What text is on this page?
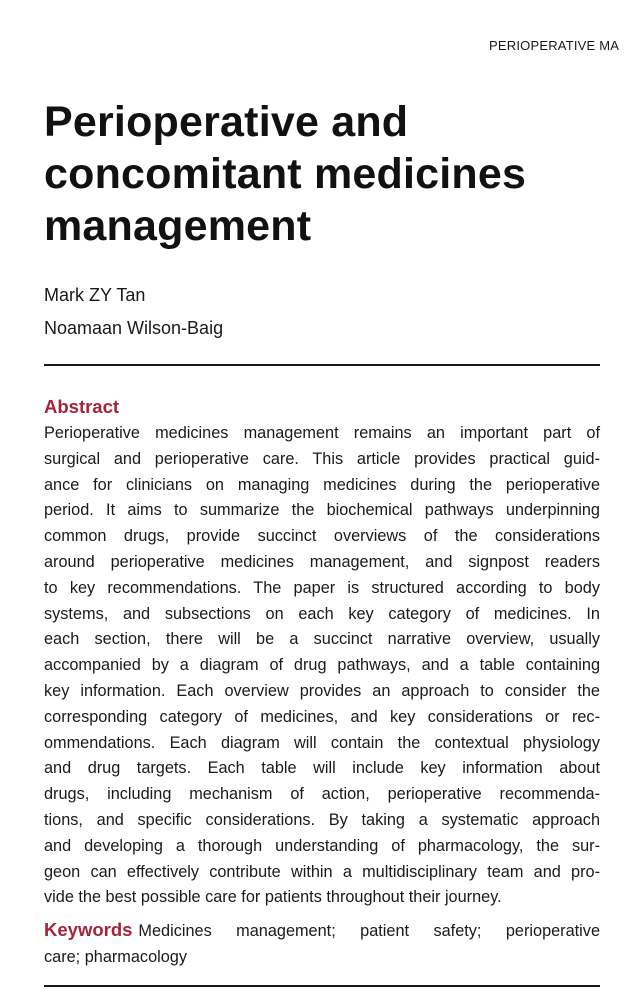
PERIOPERATIVE MA
Perioperative and concomitant medicines management
Mark ZY Tan
Noamaan Wilson-Baig
Abstract
Perioperative medicines management remains an important part of
surgical and perioperative care. This article provides practical guid-
ance for clinicians on managing medicines during the perioperative
period. It aims to summarize the biochemical pathways underpinning
common drugs, provide succinct overviews of the considerations
around perioperative medicines management, and signpost readers
to key recommendations. The paper is structured according to body
systems, and subsections on each key category of medicines. In
each section, there will be a succinct narrative overview, usually
accompanied by a diagram of drug pathways, and a table containing
key information. Each overview provides an approach to consider the
corresponding category of medicines, and key considerations or rec-
ommendations. Each diagram will contain the contextual physiology
and drug targets. Each table will include key information about
drugs, including mechanism of action, perioperative recommenda-
tions, and specific considerations. By taking a systematic approach
and developing a thorough understanding of pharmacology, the sur-
geon can effectively contribute within a multidisciplinary team and pro-
vide the best possible care for patients throughout their journey.
Keywords Medicines management; patient safety; perioperative
care; pharmacology
